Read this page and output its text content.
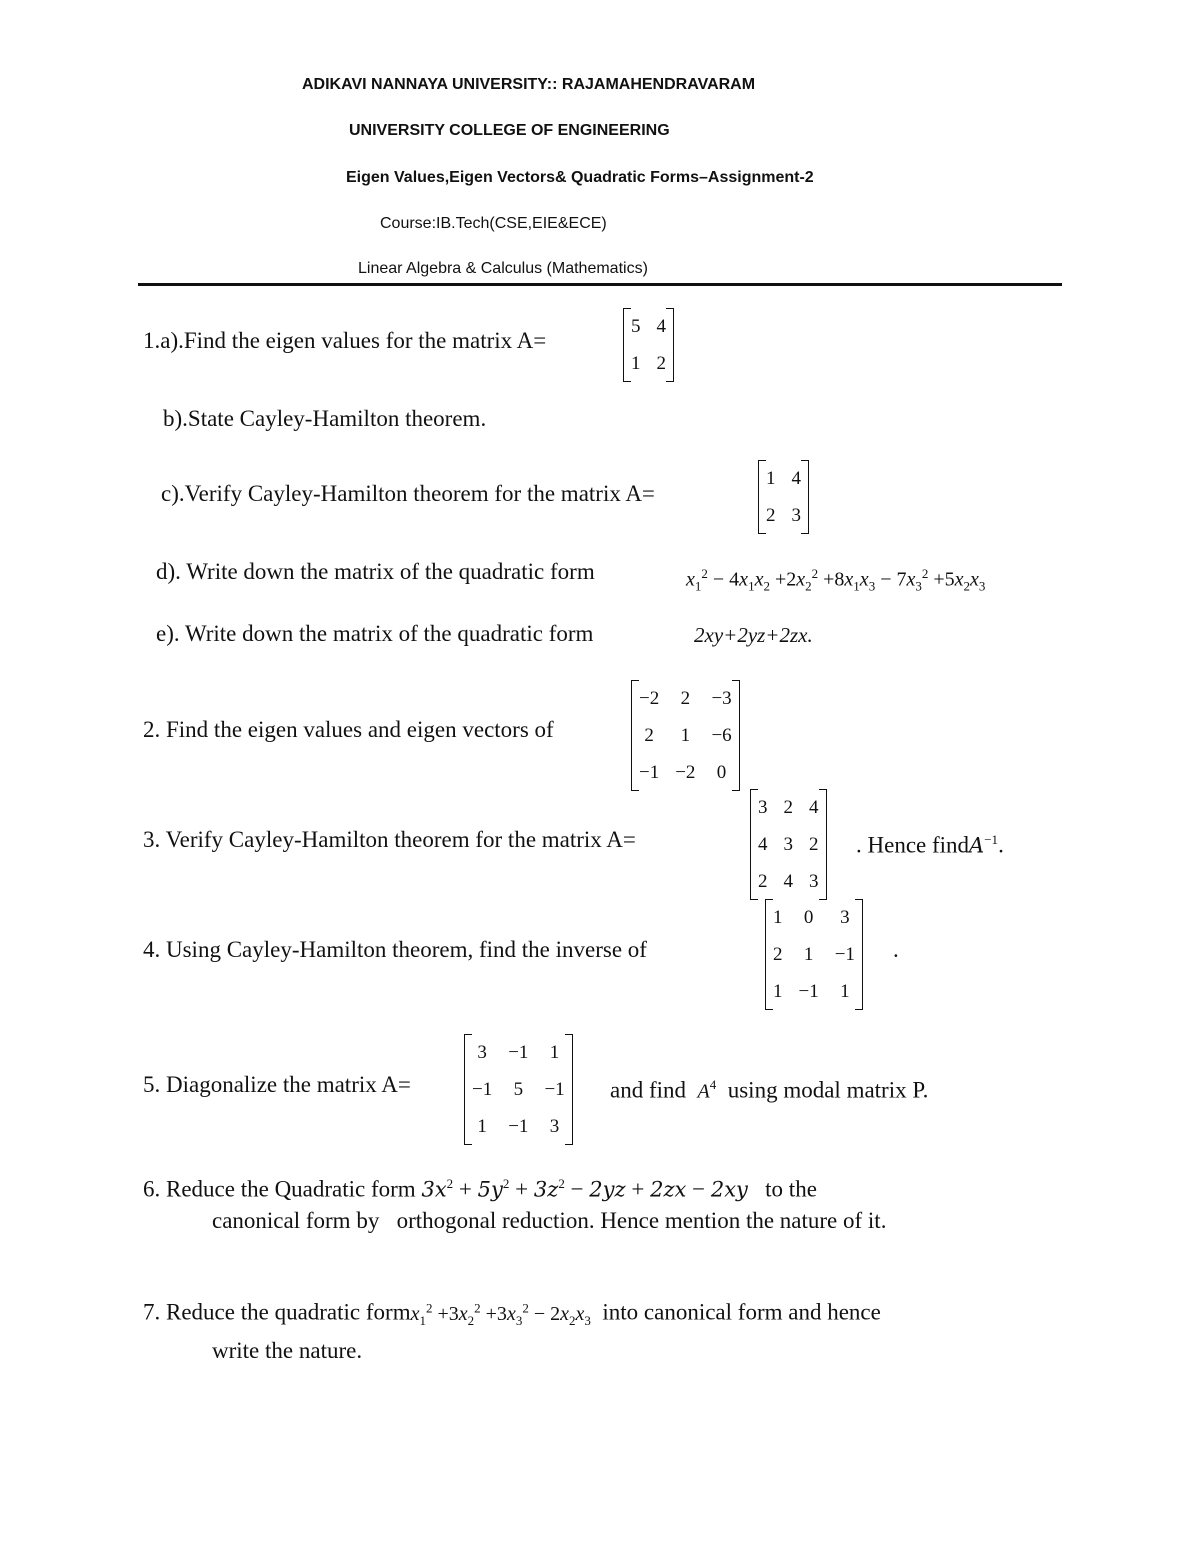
ADIKAVI NANNAYA UNIVERSITY:: RAJAMAHENDRAVARAM
UNIVERSITY COLLEGE OF ENGINEERING
Eigen Values,Eigen Vectors& Quadratic Forms–Assignment-2
Course:IB.Tech(CSE,EIE&ECE)
Linear Algebra & Calculus (Mathematics)
1.a).Find the eigen values for the matrix A=
5	4
1	2
b).State Cayley-Hamilton theorem.
c).Verify Cayley-Hamilton theorem for the matrix A=
1	4
2	3
d). Write down the matrix of the quadratic form	$x_1^2 - 4x_1x_2 +2x_2^2 +8x_1x_3 - 7x_3^2 +5x_2x_3$
e). Write down the matrix of the quadratic form	2xy+2yz+2zx.
2. Find the eigen values and eigen vectors of
−2	2	−3
2	1	−6
−1	−2	0
3. Verify Cayley-Hamilton theorem for the matrix A=
3	2	4
4	3	2
2	4	3
. Hence findA$^{-1}$.
4. Using Cayley-Hamilton theorem, find the inverse of
1	0	3
2	1	−1
1	−1	1
.
5. Diagonalize the matrix A=
3	−1	1
−1	5	−1
1	−1	3
and find $A^4$ using modal matrix P.
6. Reduce the Quadratic form $3x^2 + 5y^2 + 3z^2 - 2yz + 2zx - 2xy$ to the
canonical form by   orthogonal reduction. Hence mention the nature of it.
7. Reduce the quadratic formx$_1^2$ $+3x_2^2 +3x_3^2 - 2x_2x_3$ into canonical form and hence
write the nature.
